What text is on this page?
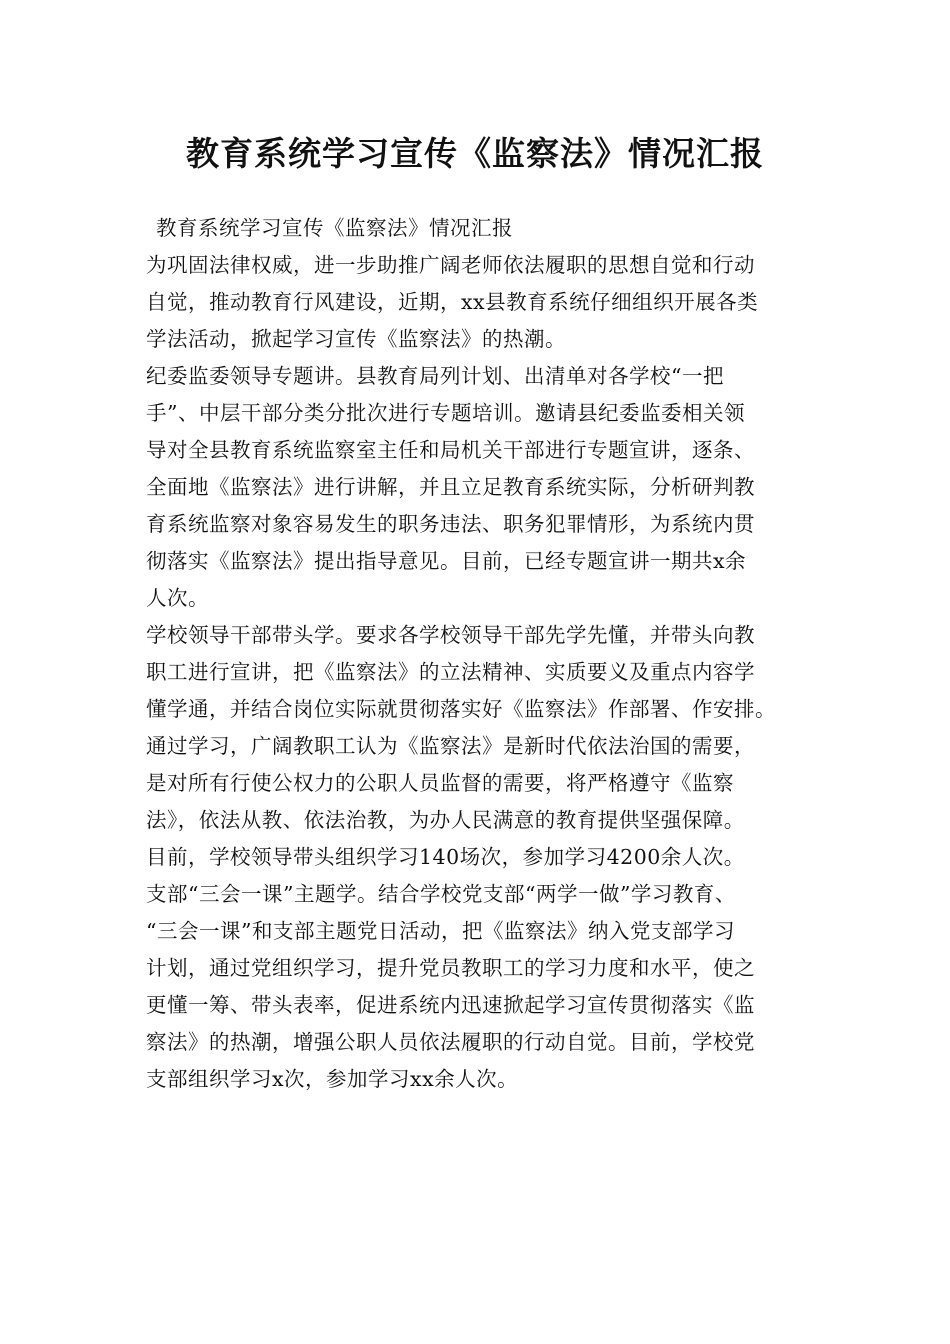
教育系统学习宣传《监察法》情况汇报

教育系统学习宣传《监察法》情况汇报

为巩固法律权威，进一步助推广阔老师依法履职的思想自觉和行动

自觉，推动教育行风建设，近期，xx县教育系统仔细组织开展各类

学法活动，掀起学习宣传《监察法》的热潮。

纪委监委领导专题讲。县教育局列计划、出清单对各学校“一把

手”、中层干部分类分批次进行专题培训。邀请县纪委监委相关领

导对全县教育系统监察室主任和局机关干部进行专题宣讲，逐条、

全面地《监察法》进行讲解，并且立足教育系统实际，分析研判教

育系统监察对象容易发生的职务违法、职务犯罪情形，为系统内贯

彻落实《监察法》提出指导意见。目前，已经专题宣讲一期共x余

人次。

学校领导干部带头学。要求各学校领导干部先学先懂，并带头向教

职工进行宣讲，把《监察法》的立法精神、实质要义及重点内容学

懂学通，并结合岗位实际就贯彻落实好《监察法》作部署、作安排。

通过学习，广阔教职工认为《监察法》是新时代依法治国的需要，

是对所有行使公权力的公职人员监督的需要，将严格遵守《监察

法》，依法从教、依法治教，为办人民满意的教育提供坚强保障。

目前，学校领导带头组织学习140场次，参加学习4200余人次。

支部“三会一课”主题学。结合学校党支部“两学一做”学习教育、

“三会一课”和支部主题党日活动，把《监察法》纳入党支部学习

计划，通过党组织学习，提升党员教职工的学习力度和水平，使之

更懂一筹、带头表率，促进系统内迅速掀起学习宣传贯彻落实《监

察法》的热潮，增强公职人员依法履职的行动自觉。目前，学校党

支部组织学习x次，参加学习xx余人次。
